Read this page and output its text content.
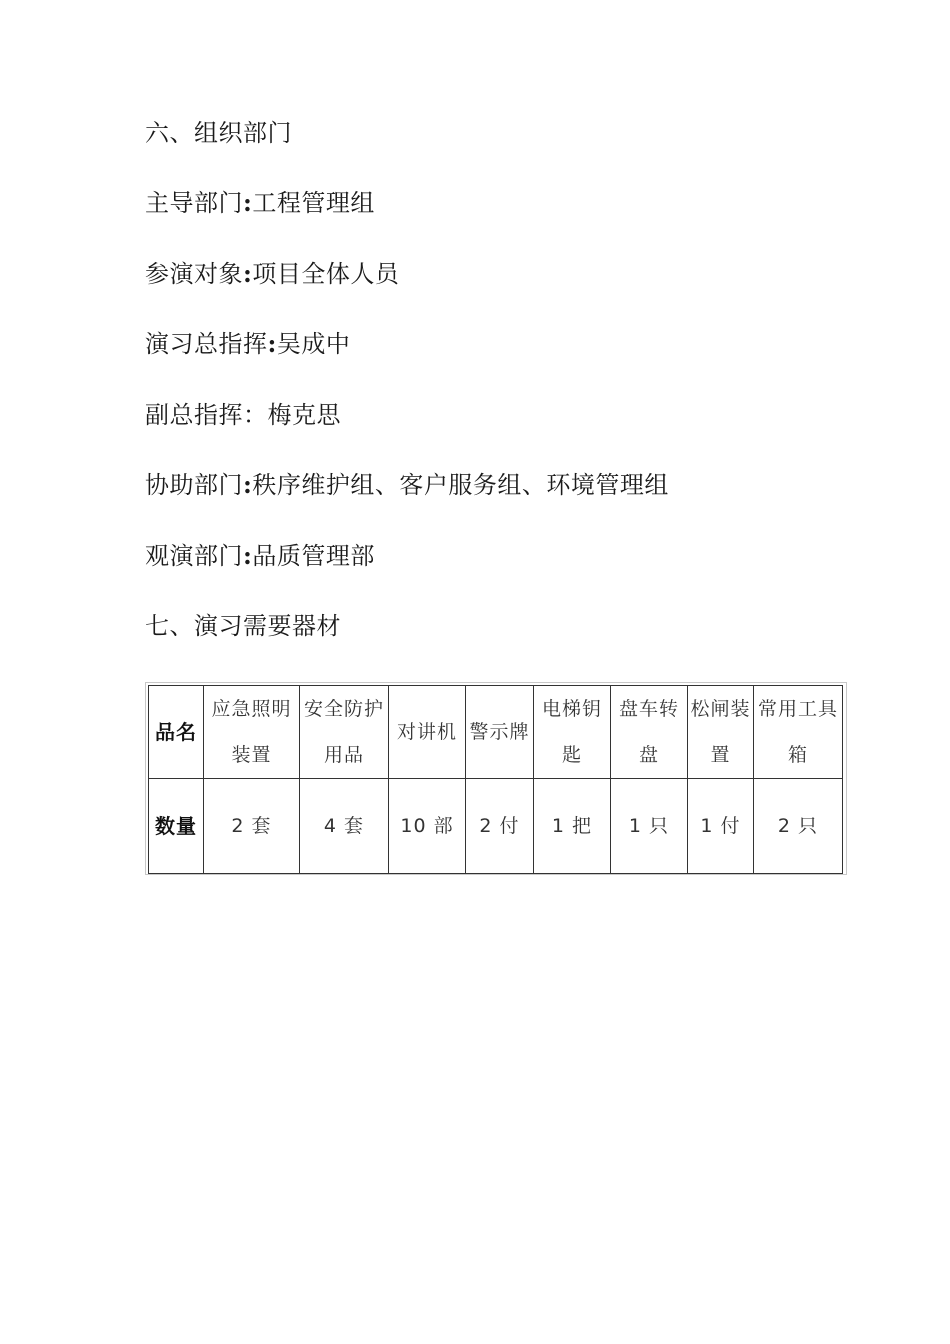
六、组织部门
主导部门:工程管理组
参演对象:项目全体人员
演习总指挥:吴成中
副总指挥：梅克思
协助部门:秩序维护组、客户服务组、环境管理组
观演部门:品质管理部
七、演习需要器材
品名	应急照明装置	安全防护用品	对讲机	警示牌	电梯钥匙	盘车转盘	松闸装置	常用工具箱
数量	2 套	4 套	10 部	2 付	1 把	1 只	1 付	2 只
